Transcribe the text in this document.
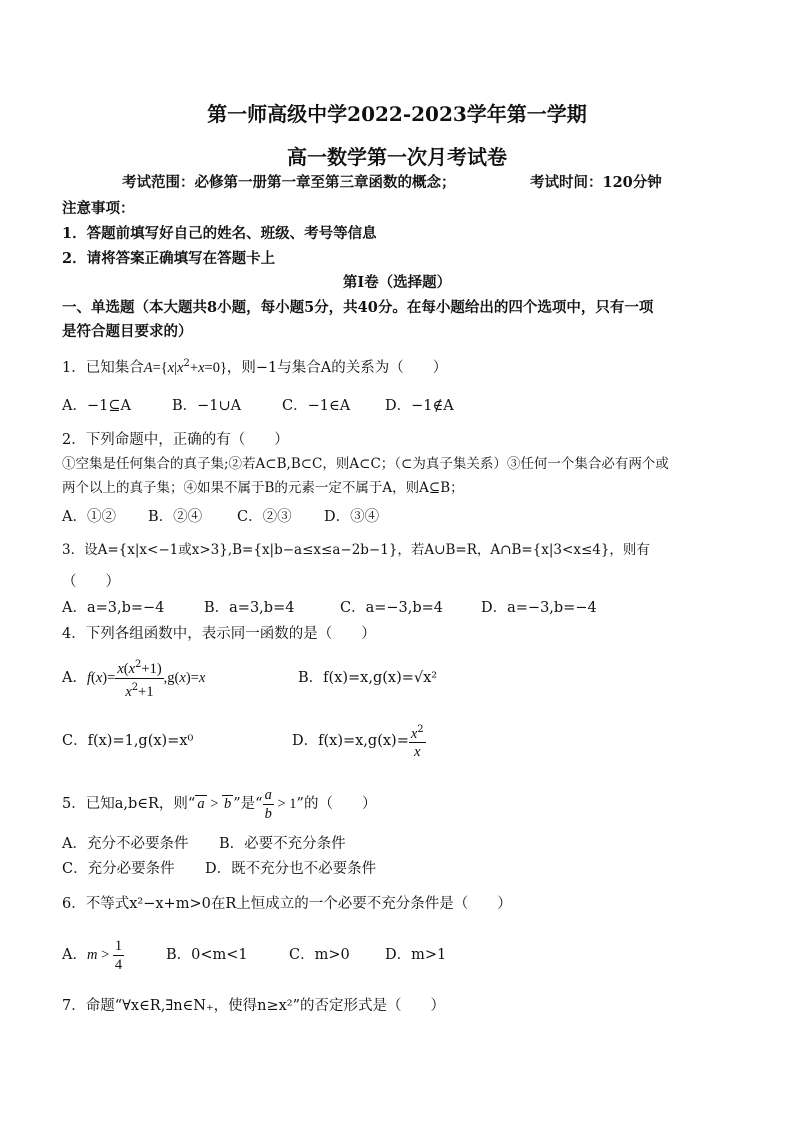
第一师高级中学2022-2023学年第一学期
高一数学第一次月考试卷
考试范围：必修第一册第一章至第三章函数的概念；	考试时间：120分钟
注意事项：
1．答题前填写好自己的姓名、班级、考号等信息
2．请将答案正确填写在答题卡上
第Ⅰ卷（选择题）
一、单选题（本大题共8小题，每小题5分，共40分。在每小题给出的四个选项中，只有一项
是符合题目要求的）
1．已知集合$A=\{x|x^2+x=0\}$，则−1与集合A的关系为（　　）
A．−1⊆A	B．−1∪A	C．−1∈A D．−1∉A
2．下列命题中，正确的有（　　）
①空集是任何集合的真子集;②若A⊂B,B⊂C，则A⊂C；（⊂为真子集关系）③任何一个集合必有两个或
两个以上的真子集；④如果不属于B的元素一定不属于A，则A⊆B；
A．①② B．②④ C．②③ D．③④
3．设A={x|x<−1或x>3},B={x|b−a≤x≤a−2b−1}，若A∪B=R，A∩B={x|3<x≤4}，则有
（　　）
A．a=3,b=−4	B．a=3,b=4	C．a=−3,b=4	D．a=−3,b=−4
4．下列各组函数中，表示同一函数的是（　　）
A．$f(x)= \frac{x(x^2+1)}{x^2+1} ,g(x)=x$	B．f(x)=x,g(x)=√x²
C．f(x)=1,g(x)=x⁰	D．$f(x)=x,g(x)= \frac{x^2}{x}$
5．已知a,b∈R，则“ a > b ”是“ $\frac{a}{b} > 1$”的（　　）
A．充分不必要条件 B．必要不充分条件
C．充分必要条件 D．既不充分也不必要条件
6．不等式x²−x+m>0在R上恒成立的一个必要不充分条件是（　　）
A．$m > \frac{1}{4}$	B．0<m<1	C．m>0 D．m>1
7．命题“∀x∈R,∃n∈N₊，使得n≥x²”的否定形式是（　　）
